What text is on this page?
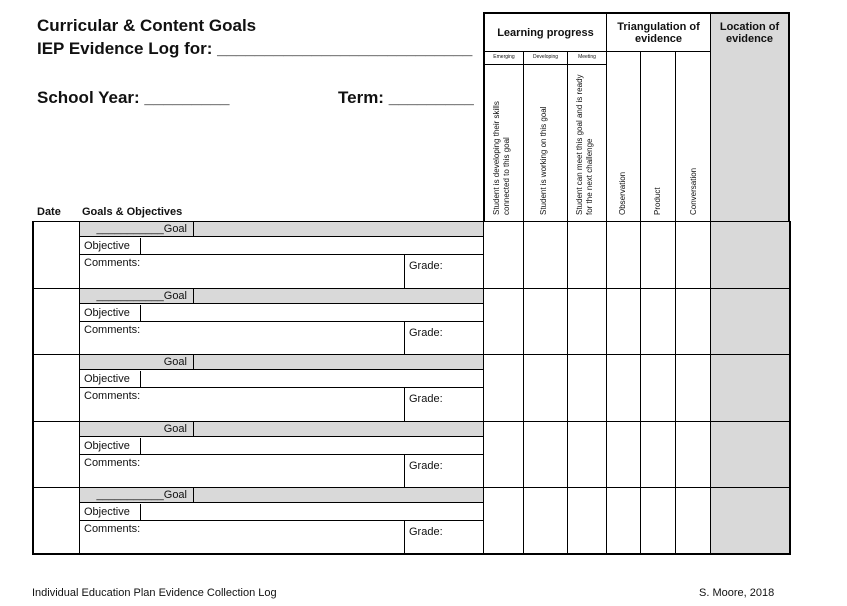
Curricular & Content Goals
IEP Evidence Log for: ___________________________
School Year: _________	Term: _________
Date Goals & Objectives
Learning progress	Triangulation of evidence
Location of evidence
Emerging	Developing	Meeting
Student is developing their skills connected to this goal	Student is working on this goal	Student can meet this goal and is ready for the next challenge	Observation	Product	Conversation
___________Goal
Objective
Comments:	Grade:
___________Goal
Objective
Comments:	Grade:
Goal
Objective
Comments:	Grade:
Goal
Objective
Comments:	Grade:
___________Goal
Objective
Comments:	Grade:
Individual Education Plan Evidence Collection Log	S. Moore, 2018
